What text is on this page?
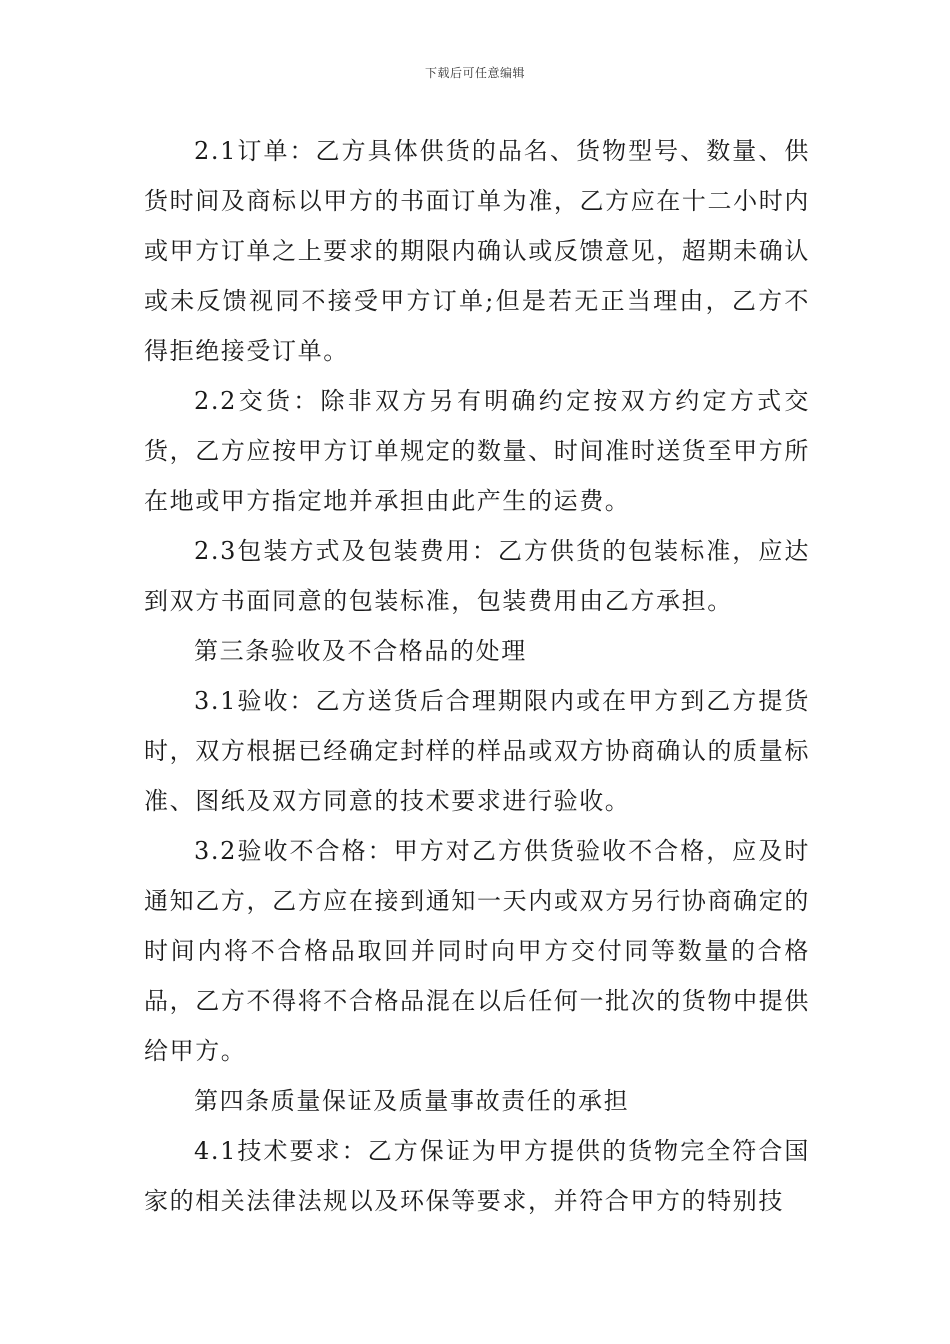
下载后可任意编辑

2.1订单：乙方具体供货的品名、货物型号、数量、供货时间及商标以甲方的书面订单为准，乙方应在十二小时内或甲方订单之上要求的期限内确认或反馈意见，超期未确认或未反馈视同不接受甲方订单;但是若无正当理由，乙方不得拒绝接受订单。

2.2交货：除非双方另有明确约定按双方约定方式交货，乙方应按甲方订单规定的数量、时间准时送货至甲方所在地或甲方指定地并承担由此产生的运费。

2.3包装方式及包装费用：乙方供货的包装标准，应达到双方书面同意的包装标准，包装费用由乙方承担。

第三条验收及不合格品的处理

3.1验收：乙方送货后合理期限内或在甲方到乙方提货时，双方根据已经确定封样的样品或双方协商确认的质量标准、图纸及双方同意的技术要求进行验收。

3.2验收不合格：甲方对乙方供货验收不合格，应及时通知乙方，乙方应在接到通知一天内或双方另行协商确定的时间内将不合格品取回并同时向甲方交付同等数量的合格品，乙方不得将不合格品混在以后任何一批次的货物中提供给甲方。

第四条质量保证及质量事故责任的承担

4.1技术要求：乙方保证为甲方提供的货物完全符合国家的相关法律法规以及环保等要求，并符合甲方的特别技
